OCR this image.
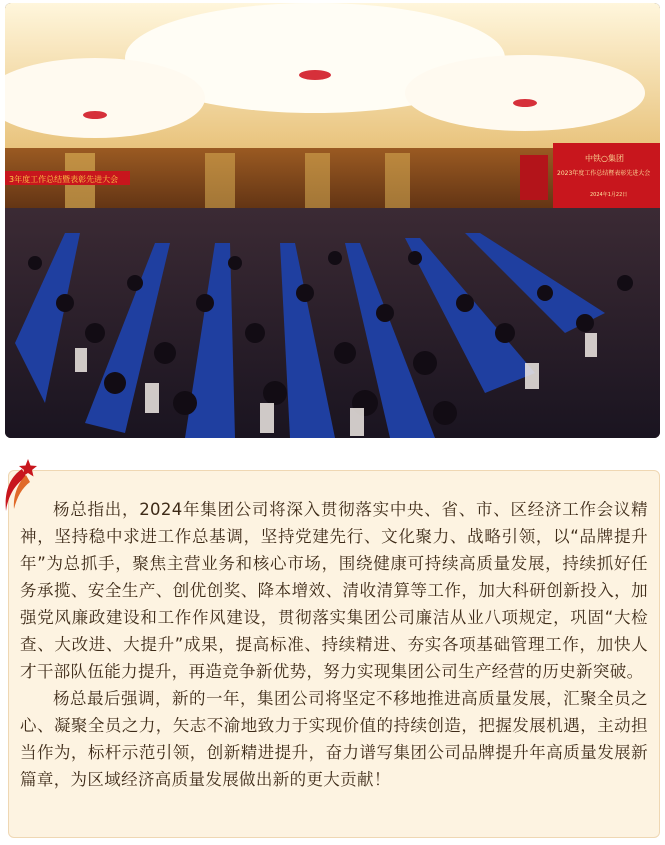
3年度工作总结暨表彰先进大会
中铁○集团
2023年度工作总结暨表彰先进大会
2024年1月22日

杨总指出，2024年集团公司将深入贯彻落实中央、省、市、区经济工作会议精神，坚持稳中求进工作总基调，坚持党建先行、文化聚力、战略引领，以“品牌提升年”为总抓手，聚焦主营业务和核心市场，围绕健康可持续高质量发展，持续抓好任务承揽、安全生产、创优创奖、降本增效、清收清算等工作，加大科研创新投入，加强党风廉政建设和工作作风建设，贯彻落实集团公司廉洁从业八项规定，巩固“大检查、大改进、大提升”成果，提高标准、持续精进、夯实各项基础管理工作，加快人才干部队伍能力提升，再造竞争新优势，努力实现集团公司生产经营的历史新突破。

杨总最后强调，新的一年，集团公司将坚定不移地推进高质量发展，汇聚全员之心、凝聚全员之力，矢志不渝地致力于实现价值的持续创造，把握发展机遇，主动担当作为，标杆示范引领，创新精进提升，奋力谱写集团公司品牌提升年高质量发展新篇章，为区域经济高质量发展做出新的更大贡献！
